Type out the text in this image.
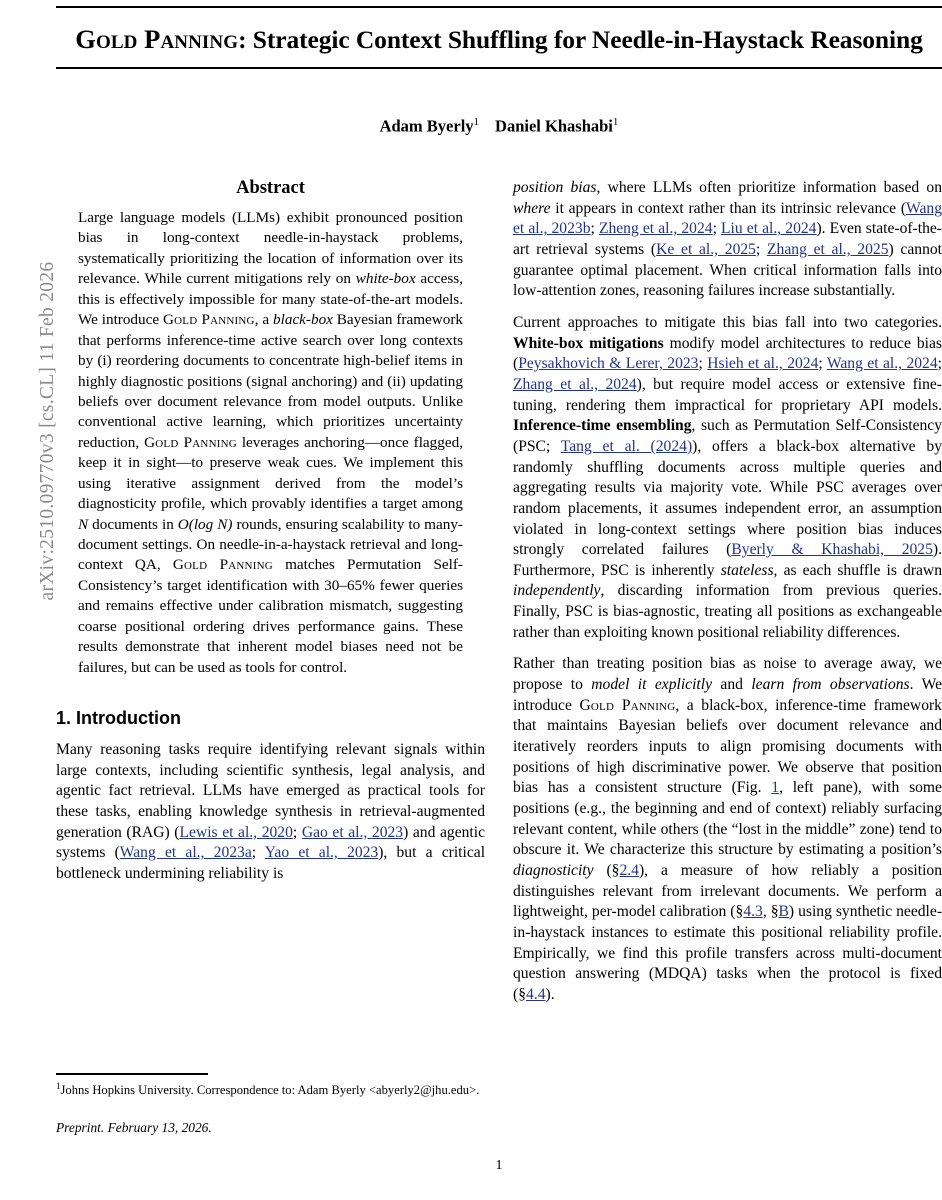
arXiv:2510.09770v3 [cs.CL] 11 Feb 2026
Gold Panning: Strategic Context Shuffling for Needle-in-Haystack Reasoning
Adam Byerly$^1$ Daniel Khashabi$^1$
Abstract

Large language models (LLMs) exhibit pronounced position bias in long-context needle-in-haystack problems, systematically prioritizing the location of information over its relevance. While current mitigations rely on white-box access, this is effectively impossible for many state-of-the-art models. We introduce Gold Panning, a black-box Bayesian framework that performs inference-time active search over long contexts by (i) reordering documents to concentrate high-belief items in highly diagnostic positions (signal anchoring) and (ii) updating beliefs over document relevance from model outputs. Unlike conventional active learning, which prioritizes uncertainty reduction, Gold Panning leverages anchoring—once flagged, keep it in sight—to preserve weak cues. We implement this using iterative assignment derived from the model’s diagnosticity profile, which provably identifies a target among N documents in O(log N) rounds, ensuring scalability to many-document settings. On needle-in-a-haystack retrieval and long-context QA, Gold Panning matches Permutation Self-Consistency’s target identification with 30–65% fewer queries and remains effective under calibration mismatch, suggesting coarse positional ordering drives performance gains. These results demonstrate that inherent model biases need not be failures, but can be used as tools for control.

1. Introduction

Many reasoning tasks require identifying relevant signals within large contexts, including scientific synthesis, legal analysis, and agentic fact retrieval. LLMs have emerged as practical tools for these tasks, enabling knowledge synthesis in retrieval-augmented generation (RAG) (Lewis et al., 2020; Gao et al., 2023) and agentic systems (Wang et al., 2023a; Yao et al., 2023), but a critical bottleneck undermining reliability is

position bias, where LLMs often prioritize information based on where it appears in context rather than its intrinsic relevance (Wang et al., 2023b; Zheng et al., 2024; Liu et al., 2024). Even state-of-the-art retrieval systems (Ke et al., 2025; Zhang et al., 2025) cannot guarantee optimal placement. When critical information falls into low-attention zones, reasoning failures increase substantially.

Current approaches to mitigate this bias fall into two categories. White-box mitigations modify model architectures to reduce bias (Peysakhovich & Lerer, 2023; Hsieh et al., 2024; Wang et al., 2024; Zhang et al., 2024), but require model access or extensive fine-tuning, rendering them impractical for proprietary API models. Inference-time ensembling, such as Permutation Self-Consistency (PSC; Tang et al. (2024)), offers a black-box alternative by randomly shuffling documents across multiple queries and aggregating results via majority vote. While PSC averages over random placements, it assumes independent error, an assumption violated in long-context settings where position bias induces strongly correlated failures (Byerly & Khashabi, 2025). Furthermore, PSC is inherently stateless, as each shuffle is drawn independently, discarding information from previous queries. Finally, PSC is bias-agnostic, treating all positions as exchangeable rather than exploiting known positional reliability differences.

Rather than treating position bias as noise to average away, we propose to model it explicitly and learn from observations. We introduce Gold Panning, a black-box, inference-time framework that maintains Bayesian beliefs over document relevance and iteratively reorders inputs to align promising documents with positions of high discriminative power. We observe that position bias has a consistent structure (Fig. 1, left pane), with some positions (e.g., the beginning and end of context) reliably surfacing relevant content, while others (the “lost in the middle” zone) tend to obscure it. We characterize this structure by estimating a position’s diagnosticity (§2.4), a measure of how reliably a position distinguishes relevant from irrelevant documents. We perform a lightweight, per-model calibration (§4.3, §B) using synthetic needle-in-haystack instances to estimate this positional reliability profile. Empirically, we find this profile transfers across multi-document question answering (MDQA) tasks when the protocol is fixed (§4.4).

$^1$Johns Hopkins University. Correspondence to: Adam Byerly <abyerly2@jhu.edu>.

Preprint. February 13, 2026.
1
